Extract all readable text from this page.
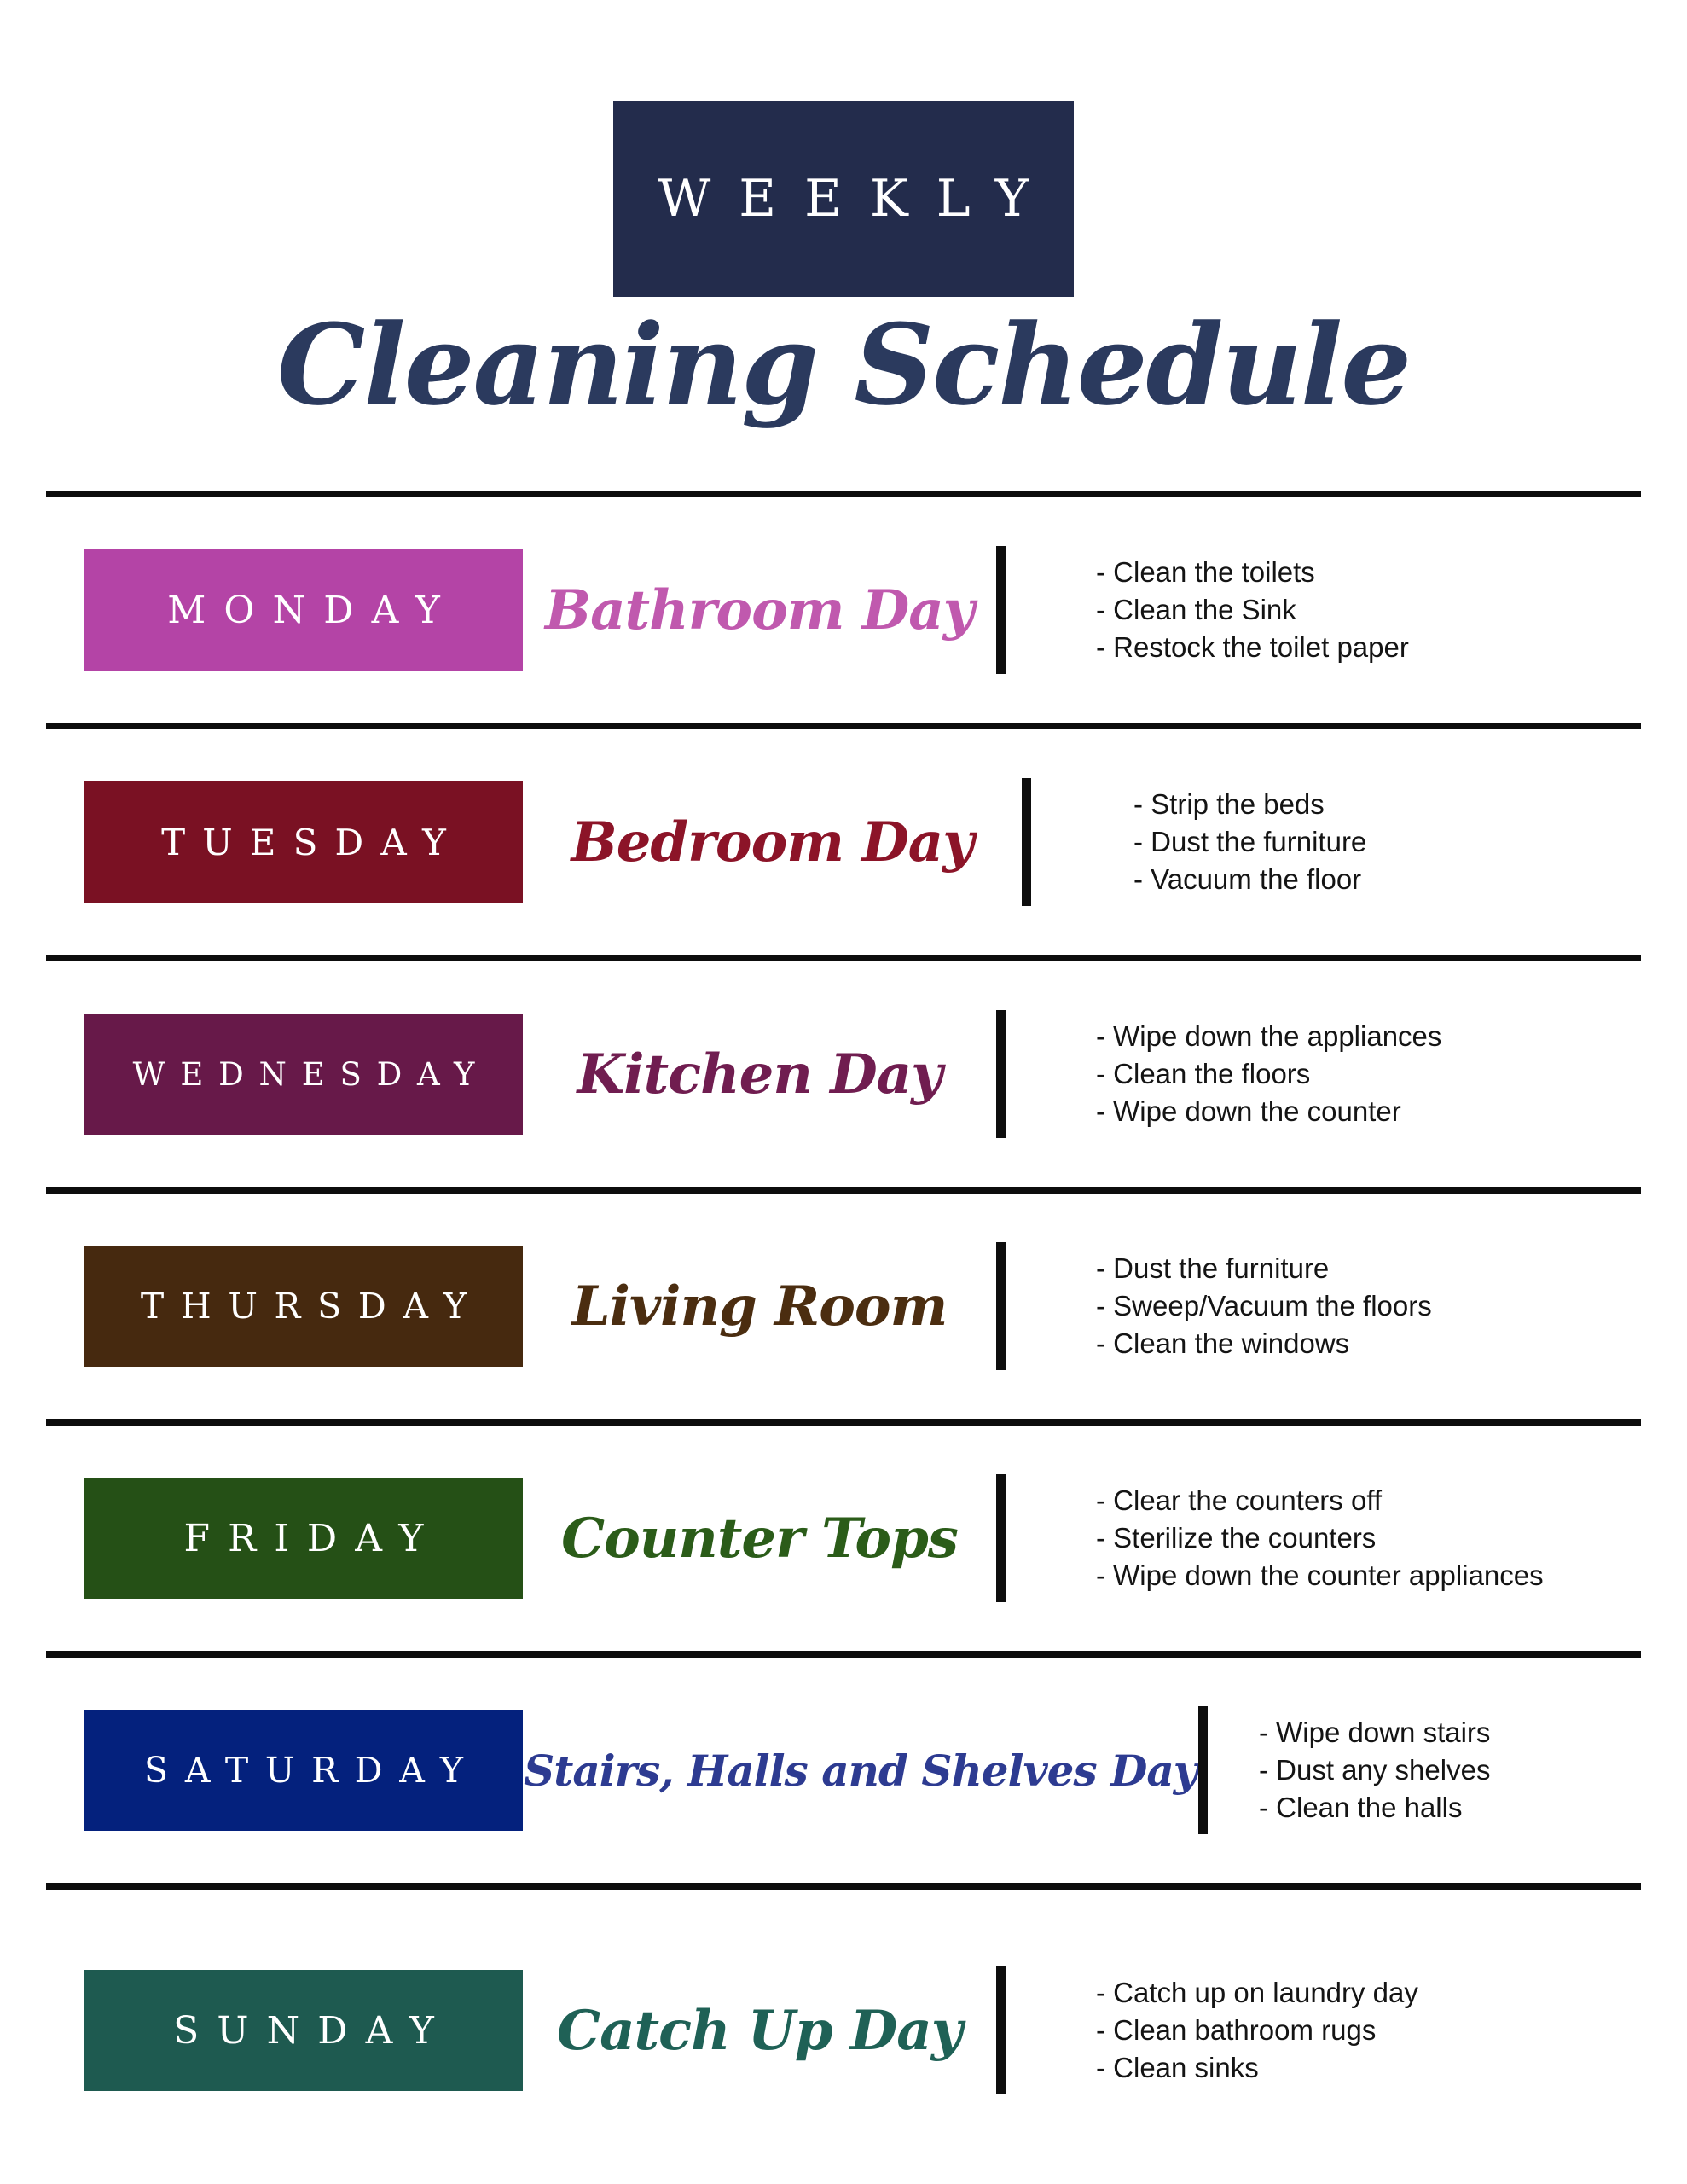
WEEKLY
Cleaning Schedule
MONDAY Bathroom Day
- Clean the toilets
- Clean the Sink
- Restock the toilet paper
TUESDAY Bedroom Day
- Strip the beds
- Dust the furniture
- Vacuum the floor
WEDNESDAY Kitchen Day
- Wipe down the appliances
- Clean the floors
- Wipe down the counter
THURSDAY Living Room
- Dust the furniture
- Sweep/Vacuum the floors
- Clean the windows
FRIDAY Counter Tops
- Clear the counters off
- Sterilize the counters
- Wipe down the counter appliances
SATURDAY Stairs, Halls and Shelves Day
- Wipe down stairs
- Dust any shelves
- Clean the halls
SUNDAY Catch Up Day
- Catch up on laundry day
- Clean bathroom rugs
- Clean sinks
